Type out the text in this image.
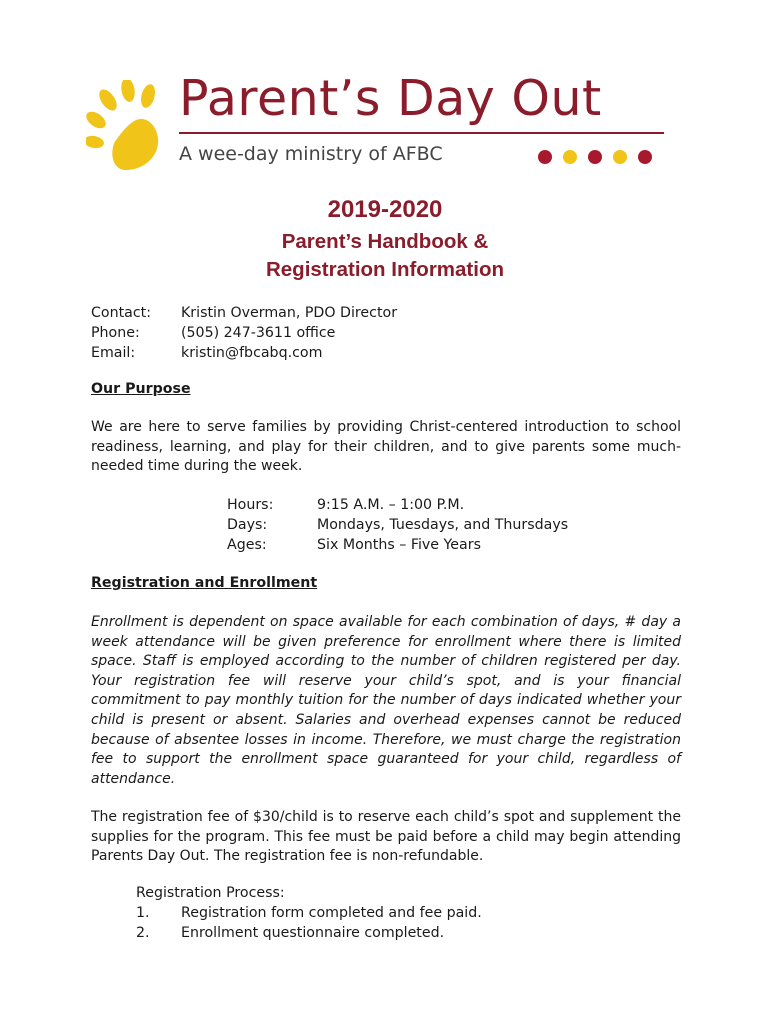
Parent’s Day Out
A wee-day ministry of AFBC
2019-2020
Parent’s Handbook &
Registration Information
Contact:	Kristin Overman, PDO Director
Phone:	(505) 247-3611 office
Email:	kristin@fbcabq.com
Our Purpose
We are here to serve families by providing Christ-centered introduction to school readiness, learning, and play for their children, and to give parents some much-needed time during the week.
Hours:	9:15 A.M. – 1:00 P.M.
Days:	Mondays, Tuesdays, and Thursdays
Ages:	Six Months – Five Years
Registration and Enrollment
Enrollment is dependent on space available for each combination of days, # day a week attendance will be given preference for enrollment where there is limited space. Staff is employed according to the number of children registered per day. Your registration fee will reserve your child’s spot, and is your financial commitment to pay monthly tuition for the number of days indicated whether your child is present or absent. Salaries and overhead expenses cannot be reduced because of absentee losses in income. Therefore, we must charge the registration fee to support the enrollment space guaranteed for your child, regardless of attendance.
The registration fee of $30/child is to reserve each child’s spot and supplement the supplies for the program. This fee must be paid before a child may begin attending Parents Day Out. The registration fee is non-refundable.
Registration Process:
1.	Registration form completed and fee paid.
2.	Enrollment questionnaire completed.
